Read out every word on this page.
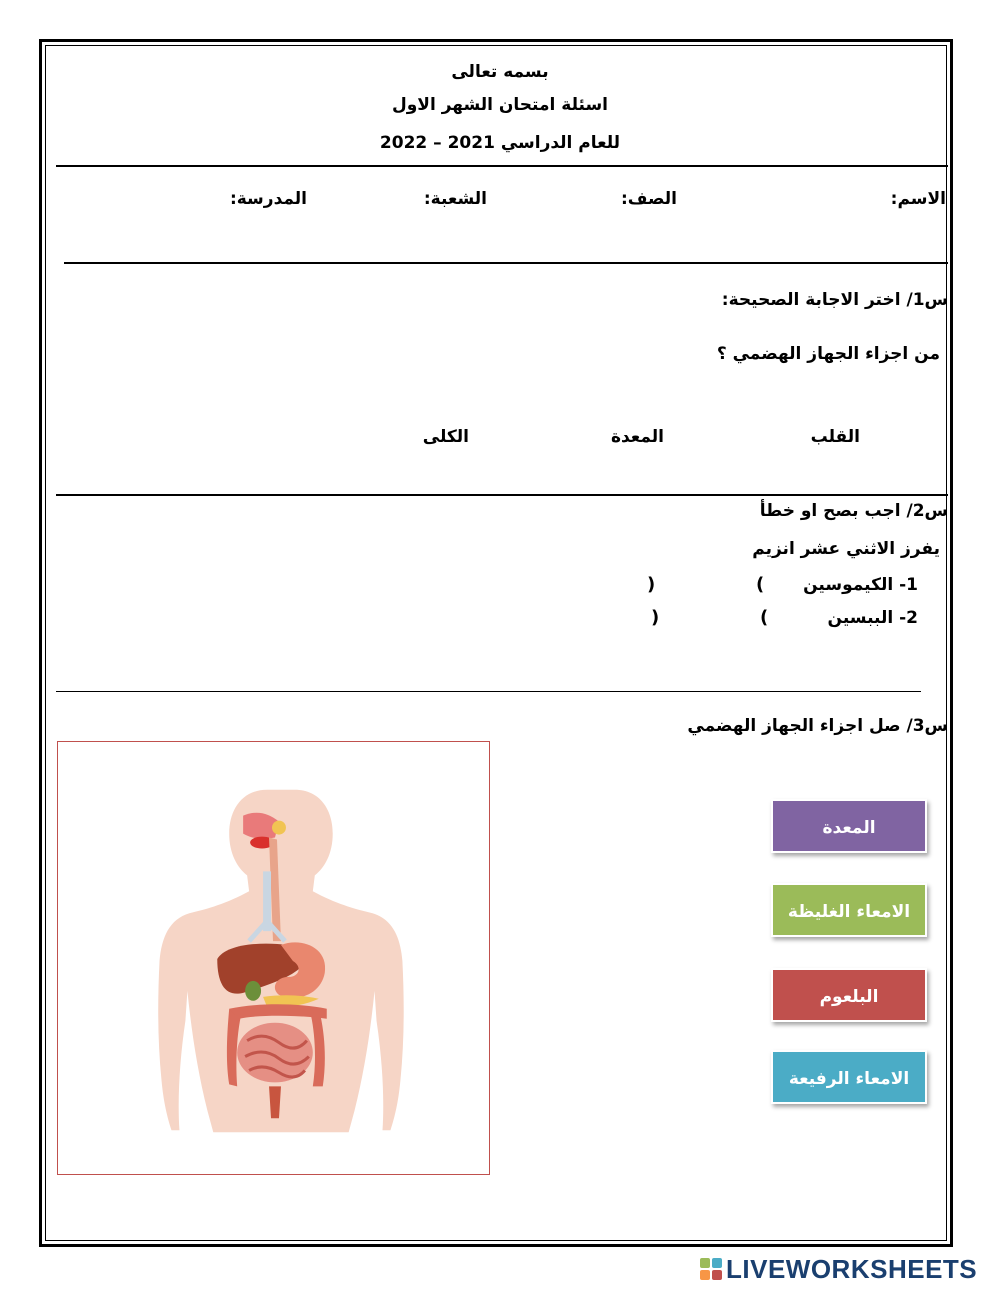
بسمه تعالى
اسئلة امتحان الشهر الاول
للعام الدراسي 2021 – 2022
الاسم:
الصف:
الشعبة:
المدرسة:
س1/ اختر الاجابة الصحيحة:
من اجزاء الجهاز الهضمي ؟
القلب
المعدة
الكلى
س2/ اجب بصح او خطأ
يفرز الاثني عشر انزيم
1- الكيموسين
(
)
2- الببسين
(
)
س3/ صل اجزاء الجهاز الهضمي
المعدة
الامعاء الغليظة
البلعوم
الامعاء الرفيعة
LIVEWORKSHEETS
